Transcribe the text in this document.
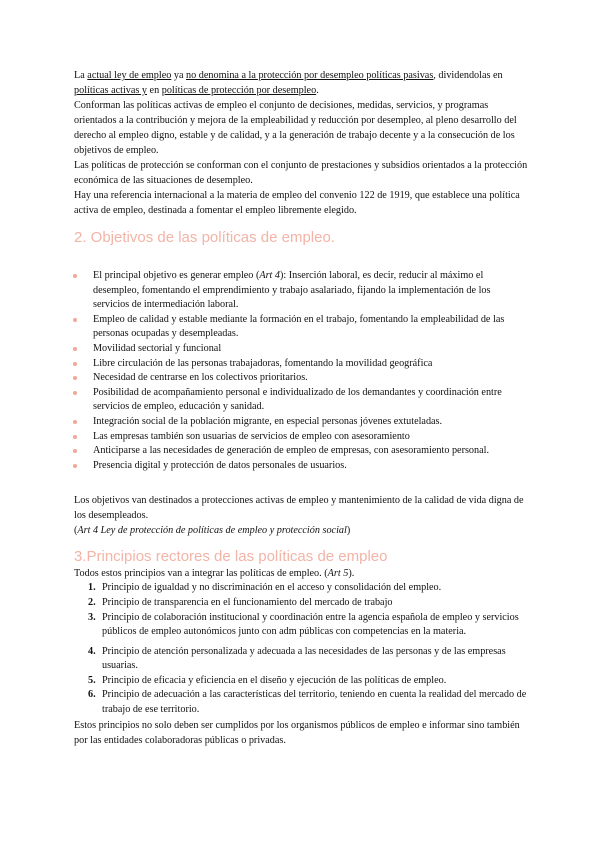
La actual ley de empleo ya no denomina a la protección por desempleo políticas pasivas, dividendolas en políticas activas y en políticas de protección por desempleo.

Conforman las políticas activas de empleo el conjunto de decisiones, medidas, servicios, y programas orientados a la contribución y mejora de la empleabilidad y reducción por desempleo, al pleno desarrollo del derecho al empleo digno, estable y de calidad, y a la generación de trabajo decente y a la consecución de los objetivos de empleo.

Las políticas de protección se conforman con el conjunto de prestaciones y subsidios orientados a la protección económica de las situaciones de desempleo.

Hay una referencia internacional a la materia de empleo del convenio 122 de 1919, que establece una política activa de empleo, destinada a fomentar el empleo libremente elegido.

2. Objetivos de las políticas de empleo.
El principal objetivo es generar empleo (Art 4): Inserción laboral, es decir, reducir al máximo el desempleo, fomentando el emprendimiento y trabajo asalariado, fijando la implementación de los servicios de intermediación laboral.
Empleo de calidad y estable mediante la formación en el trabajo, fomentando la empleabilidad de las personas ocupadas y desempleadas.
Movilidad sectorial y funcional
Libre circulación de las personas trabajadoras, fomentando la movilidad geográfica
Necesidad de centrarse en los colectivos prioritarios.
Posibilidad de acompañamiento personal e individualizado de los demandantes y coordinación entre servicios de empleo, educación y sanidad.
Integración social de la población migrante, en especial personas jóvenes extuteladas.
Las empresas también son usuarias de servicios de empleo con asesoramiento
Anticiparse a las necesidades de generación de empleo de empresas, con asesoramiento personal.
Presencia digital y protección de datos personales de usuarios.

Los objetivos van destinados a protecciones activas de empleo y mantenimiento de la calidad de vida digna de los desempleados.

(Art 4 Ley de protección de políticas de empleo y protección social)

3.Principios rectores de las políticas de empleo

Todos estos principios van a integrar las políticas de empleo. (Art 5).

1. Principio de igualdad y no discriminación en el acceso y consolidación del empleo.
2. Principio de transparencia en el funcionamiento del mercado de trabajo
3. Principio de colaboración institucional y coordinación entre la agencia española de empleo y servicios públicos de empleo autonómicos junto con adm públicas con competencias en la materia.
4. Principio de atención personalizada y adecuada a las necesidades de las personas y de las empresas usuarias.
5. Principio de eficacia y eficiencia en el diseño y ejecución de las políticas de empleo.
6. Principio de adecuación a las características del territorio, teniendo en cuenta la realidad del mercado de trabajo de ese territorio.

Estos principios no solo deben ser cumplidos por los organismos públicos de empleo e informar sino también por las entidades colaboradoras públicas o privadas.
